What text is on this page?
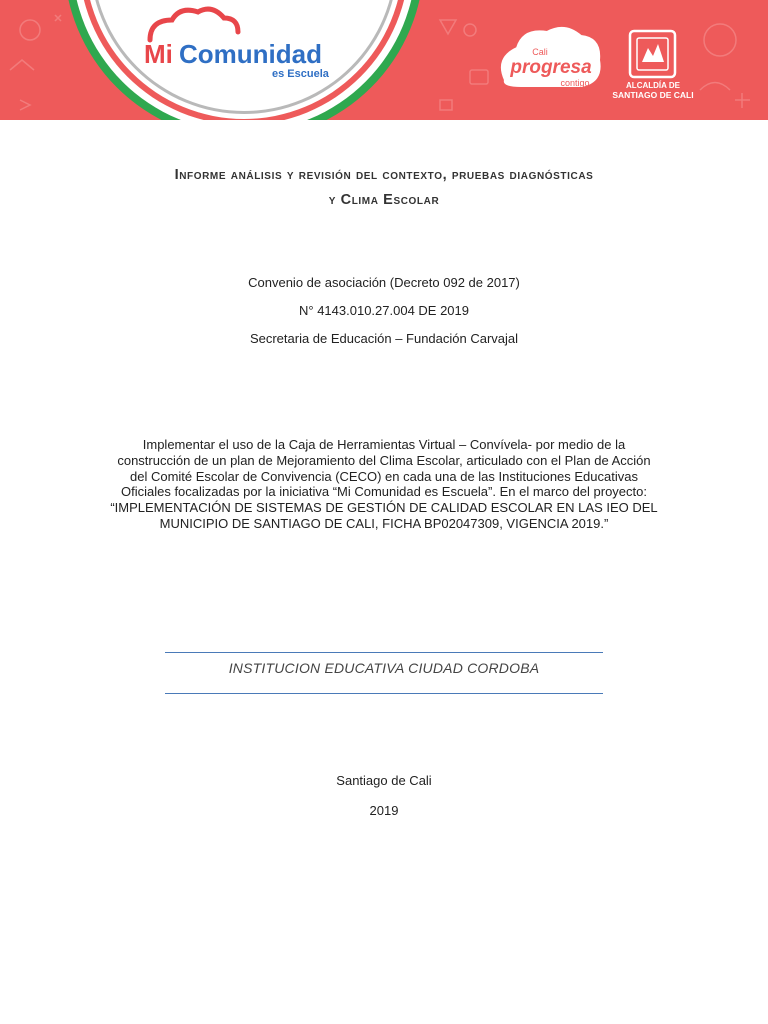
Mi Comunidad
es Escuela
Cali
progresa
contigo	ALCALDÍA DE
SANTIAGO DE CALI
Informe análisis y revisión del contexto, pruebas diagnósticas
y Clima Escolar
Convenio de asociación (Decreto 092 de 2017)
N° 4143.010.27.004 DE 2019
Secretaria de Educación – Fundación Carvajal
Implementar el uso de la Caja de Herramientas Virtual – Convívela- por medio de la construcción de un plan de Mejoramiento del Clima Escolar, articulado con el Plan de Acción del Comité Escolar de Convivencia (CECO) en cada una de las Instituciones Educativas Oficiales focalizadas por la iniciativa “Mi Comunidad es Escuela”. En el marco del proyecto: “IMPLEMENTACIÓN DE SISTEMAS DE GESTIÓN DE CALIDAD ESCOLAR EN LAS IEO DEL MUNICIPIO DE SANTIAGO DE CALI, FICHA BP02047309, VIGENCIA 2019.”
INSTITUCION EDUCATIVA CIUDAD CORDOBA
Santiago de Cali
2019
